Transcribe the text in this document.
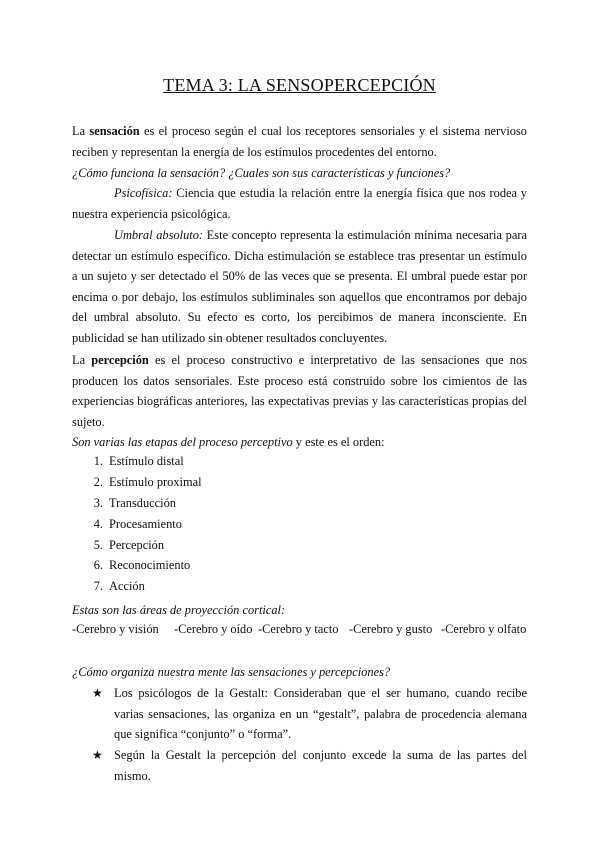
TEMA 3: LA SENSOPERCEPCIÓN
La sensación es el proceso según el cual los receptores sensoriales y el sistema nervioso reciben y representan la energía de los estímulos procedentes del entorno.
¿Cómo funciona la sensación? ¿Cuales son sus características y funciones?
Psicofísica: Ciencia que estudia la relación entre la energía física que nos rodea y nuestra experiencia psicológica.
Umbral absoluto: Este concepto representa la estimulación mínima necesaria para detectar un estímulo específico. Dicha estimulación se establece tras presentar un estímulo a un sujeto y ser detectado el 50% de las veces que se presenta. El umbral puede estar por encima o por debajo, los estímulos subliminales son aquellos que encontramos por debajo del umbral absoluto. Su efecto es corto, los percibimos de manera inconsciente. En publicidad se han utilizado sin obtener resultados concluyentes.
La percepción es el proceso constructivo e interpretativo de las sensaciones que nos producen los datos sensoriales. Este proceso está construido sobre los cimientos de las experiencias biográficas anteriores, las expectativas previas y las características propias del sujeto.
Son varias las etapas del proceso perceptivo y este es el orden:
1. Estímulo distal
2. Estímulo proximal
3. Transducción
4. Procesamiento
5. Percepción
6. Reconocimiento
7. Acción
Estas son las áreas de proyección cortical:
-Cerebro y visión -Cerebro y oído -Cerebro y tacto -Cerebro y gusto -Cerebro y olfato
¿Cómo organiza nuestra mente las sensaciones y percepciones?
★ Los psicólogos de la Gestalt: Consideraban que el ser humano, cuando recibe varias sensaciones, las organiza en un “gestalt”, palabra de procedencia alemana que significa “conjunto” o “forma”.
★ Según la Gestalt la percepción del conjunto excede la suma de las partes del mismo.
